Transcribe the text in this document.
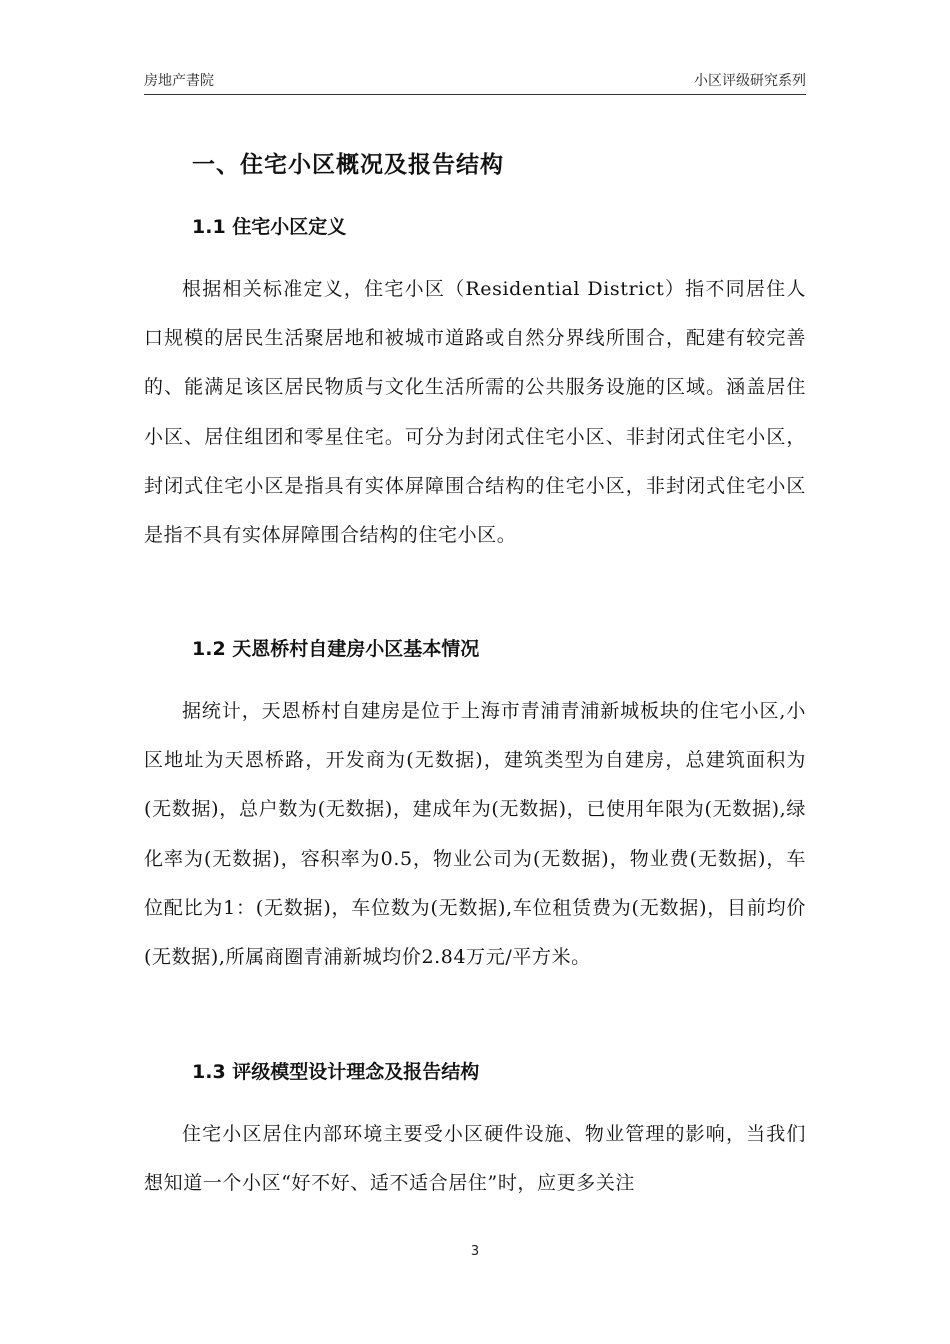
房地产書院	小区评级研究系列
一、住宅小区概况及报告结构
1.1 住宅小区定义

根据相关标准定义，住宅小区（Residential District）指不同居住人口规模的居民生活聚居地和被城市道路或自然分界线所围合，配建有较完善的、能满足该区居民物质与文化生活所需的公共服务设施的区域。涵盖居住小区、居住组团和零星住宅。可分为封闭式住宅小区、非封闭式住宅小区，封闭式住宅小区是指具有实体屏障围合结构的住宅小区，非封闭式住宅小区是指不具有实体屏障围合结构的住宅小区。

1.2 天恩桥村自建房小区基本情况

据统计，天恩桥村自建房是位于上海市青浦青浦新城板块的住宅小区,小区地址为天恩桥路，开发商为(无数据)，建筑类型为自建房，总建筑面积为(无数据)，总户数为(无数据)，建成年为(无数据)，已使用年限为(无数据),绿化率为(无数据)，容积率为0.5，物业公司为(无数据)，物业费(无数据)，车位配比为1：(无数据)，车位数为(无数据),车位租赁费为(无数据)，目前均价(无数据),所属商圈青浦新城均价2.84万元/平方米。

1.3 评级模型设计理念及报告结构

住宅小区居住内部环境主要受小区硬件设施、物业管理的影响，当我们想知道一个小区“好不好、适不适合居住”时，应更多关注

3
